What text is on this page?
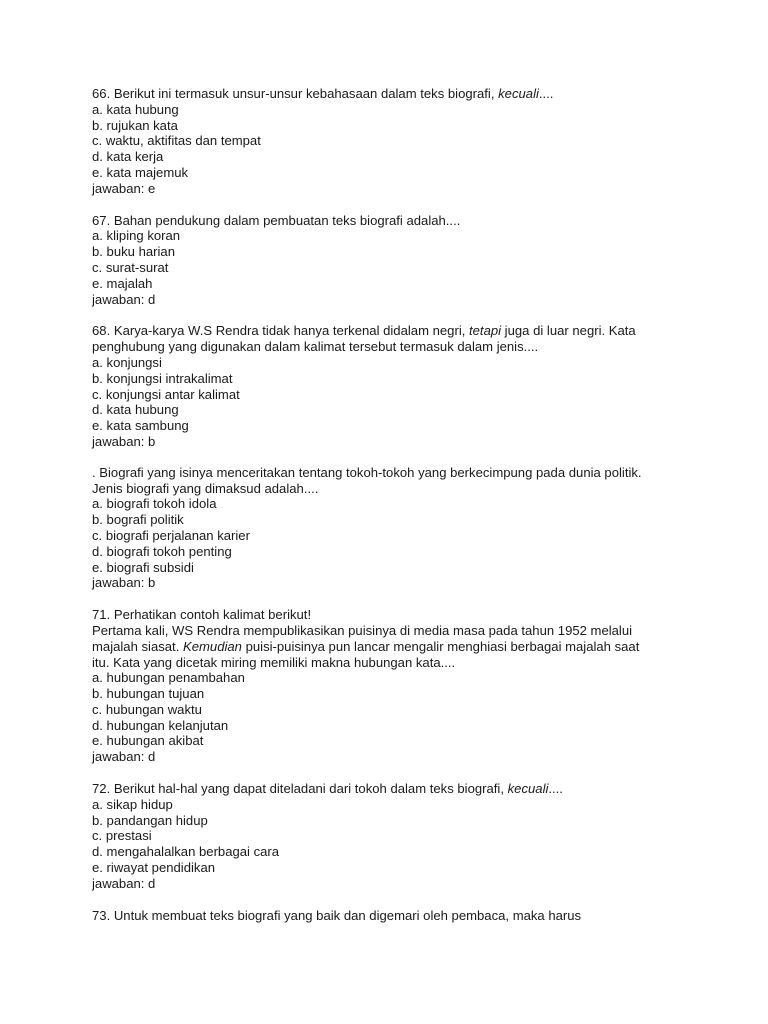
66. Berikut ini termasuk unsur-unsur kebahasaan dalam teks biografi, kecuali....
a. kata hubung
b. rujukan kata
c. waktu, aktifitas dan tempat
d. kata kerja
e. kata majemuk
jawaban: e
67. Bahan pendukung dalam pembuatan teks biografi adalah....
a. kliping koran
b. buku harian
c. surat-surat
e. majalah
jawaban: d
68. Karya-karya W.S Rendra tidak hanya terkenal didalam negri, tetapi juga di luar negri. Kata
penghubung yang digunakan dalam kalimat tersebut termasuk dalam jenis....
a. konjungsi
b. konjungsi intrakalimat
c. konjungsi antar kalimat
d. kata hubung
e. kata sambung
jawaban: b
. Biografi yang isinya menceritakan tentang tokoh-tokoh yang berkecimpung pada dunia politik.
Jenis biografi yang dimaksud adalah....
a. biografi tokoh idola
b. bografi politik
c. biografi perjalanan karier
d. biografi tokoh penting
e. biografi subsidi
jawaban: b
71. Perhatikan contoh kalimat berikut!
Pertama kali, WS Rendra mempublikasikan puisinya di media masa pada tahun 1952 melalui
majalah siasat. Kemudian puisi-puisinya pun lancar mengalir menghiasi berbagai majalah saat
itu. Kata yang dicetak miring memiliki makna hubungan kata....
a. hubungan penambahan
b. hubungan tujuan
c. hubungan waktu
d. hubungan kelanjutan
e. hubungan akibat
jawaban: d
72. Berikut hal-hal yang dapat diteladani dari tokoh dalam teks biografi, kecuali....
a. sikap hidup
b. pandangan hidup
c. prestasi
d. mengahalalkan berbagai cara
e. riwayat pendidikan
jawaban: d
73. Untuk membuat teks biografi yang baik dan digemari oleh pembaca, maka harus
